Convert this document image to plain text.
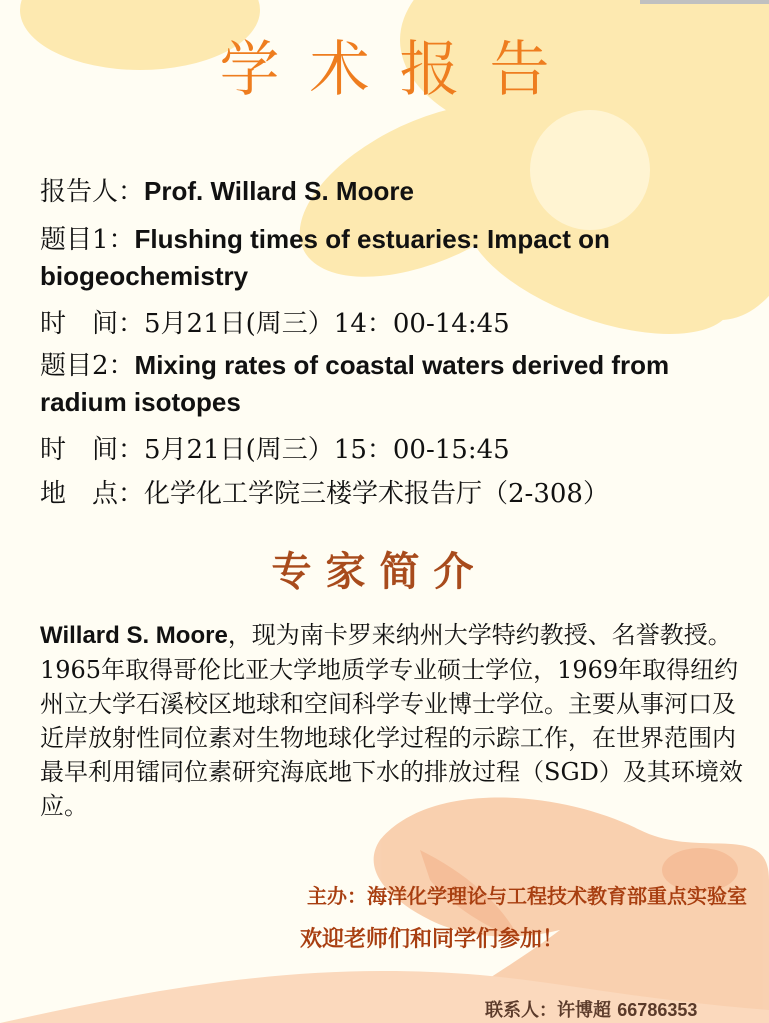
学术报告

报告人：Prof. Willard S. Moore

题目1：Flushing times of estuaries: Impact on biogeochemistry

时　间：5月21日(周三）14：00-14:45

题目2：Mixing rates of coastal waters derived from radium isotopes

时　间：5月21日(周三）15：00-15:45

地　点：化学化工学院三楼学术报告厅（2-308）

专家简介

Willard S. Moore，现为南卡罗来纳州大学特约教授、名誉教授。1965年取得哥伦比亚大学地质学专业硕士学位，1969年取得纽约州立大学石溪校区地球和空间科学专业博士学位。主要从事河口及近岸放射性同位素对生物地球化学过程的示踪工作，在世界范围内最早利用镭同位素研究海底地下水的排放过程（SGD）及其环境效应。

主办：海洋化学理论与工程技术教育部重点实验室

欢迎老师们和同学们参加！

联系人：许博超 66786353
